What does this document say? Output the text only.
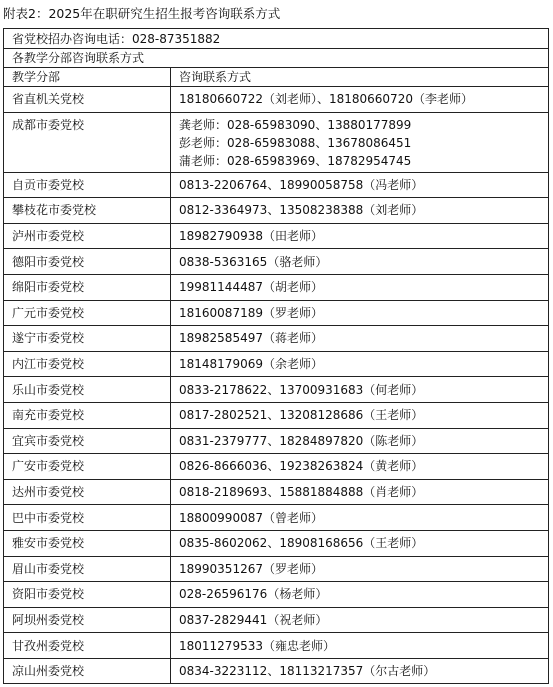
附表2：2025年在职研究生招生报考咨询联系方式
省党校招办咨询电话：028-87351882	
各教学分部咨询联系方式	
教学分部	咨询联系方式
省直机关党校	18180660722（刘老师）、18180660720（李老师）

成都市委党校	龚老师：028-65983090、13880177899
彭老师：028-65983088、13678086451
蒲老师：028-65983969、18782954745

自贡市委党校	0813-2206764、18990058758（冯老师）

攀枝花市委党校	0812-3364973、13508238388（刘老师）

泸州市委党校	18982790938（田老师）

德阳市委党校	0838-5363165（骆老师）

绵阳市委党校	19981144487（胡老师）

广元市委党校	18160087189（罗老师）

遂宁市委党校	18982585497（蒋老师）

内江市委党校	18148179069（余老师）

乐山市委党校	0833-2178622、13700931683（何老师）

南充市委党校	0817-2802521、13208128686（王老师）

宜宾市委党校	0831-2379777、18284897820（陈老师）

广安市委党校	0826-8666036、19238263824（黄老师）

达州市委党校	0818-2189693、15881884888（肖老师）

巴中市委党校	18800990087（曾老师）

雅安市委党校	0835-8602062、18908168656（王老师）

眉山市委党校	18990351267（罗老师）

资阳市委党校	028-26596176（杨老师）

阿坝州委党校	0837-2829441（祝老师）

甘孜州委党校	18011279533（雍忠老师）

凉山州委党校	0834-3223112、18113217357（尔古老师）
